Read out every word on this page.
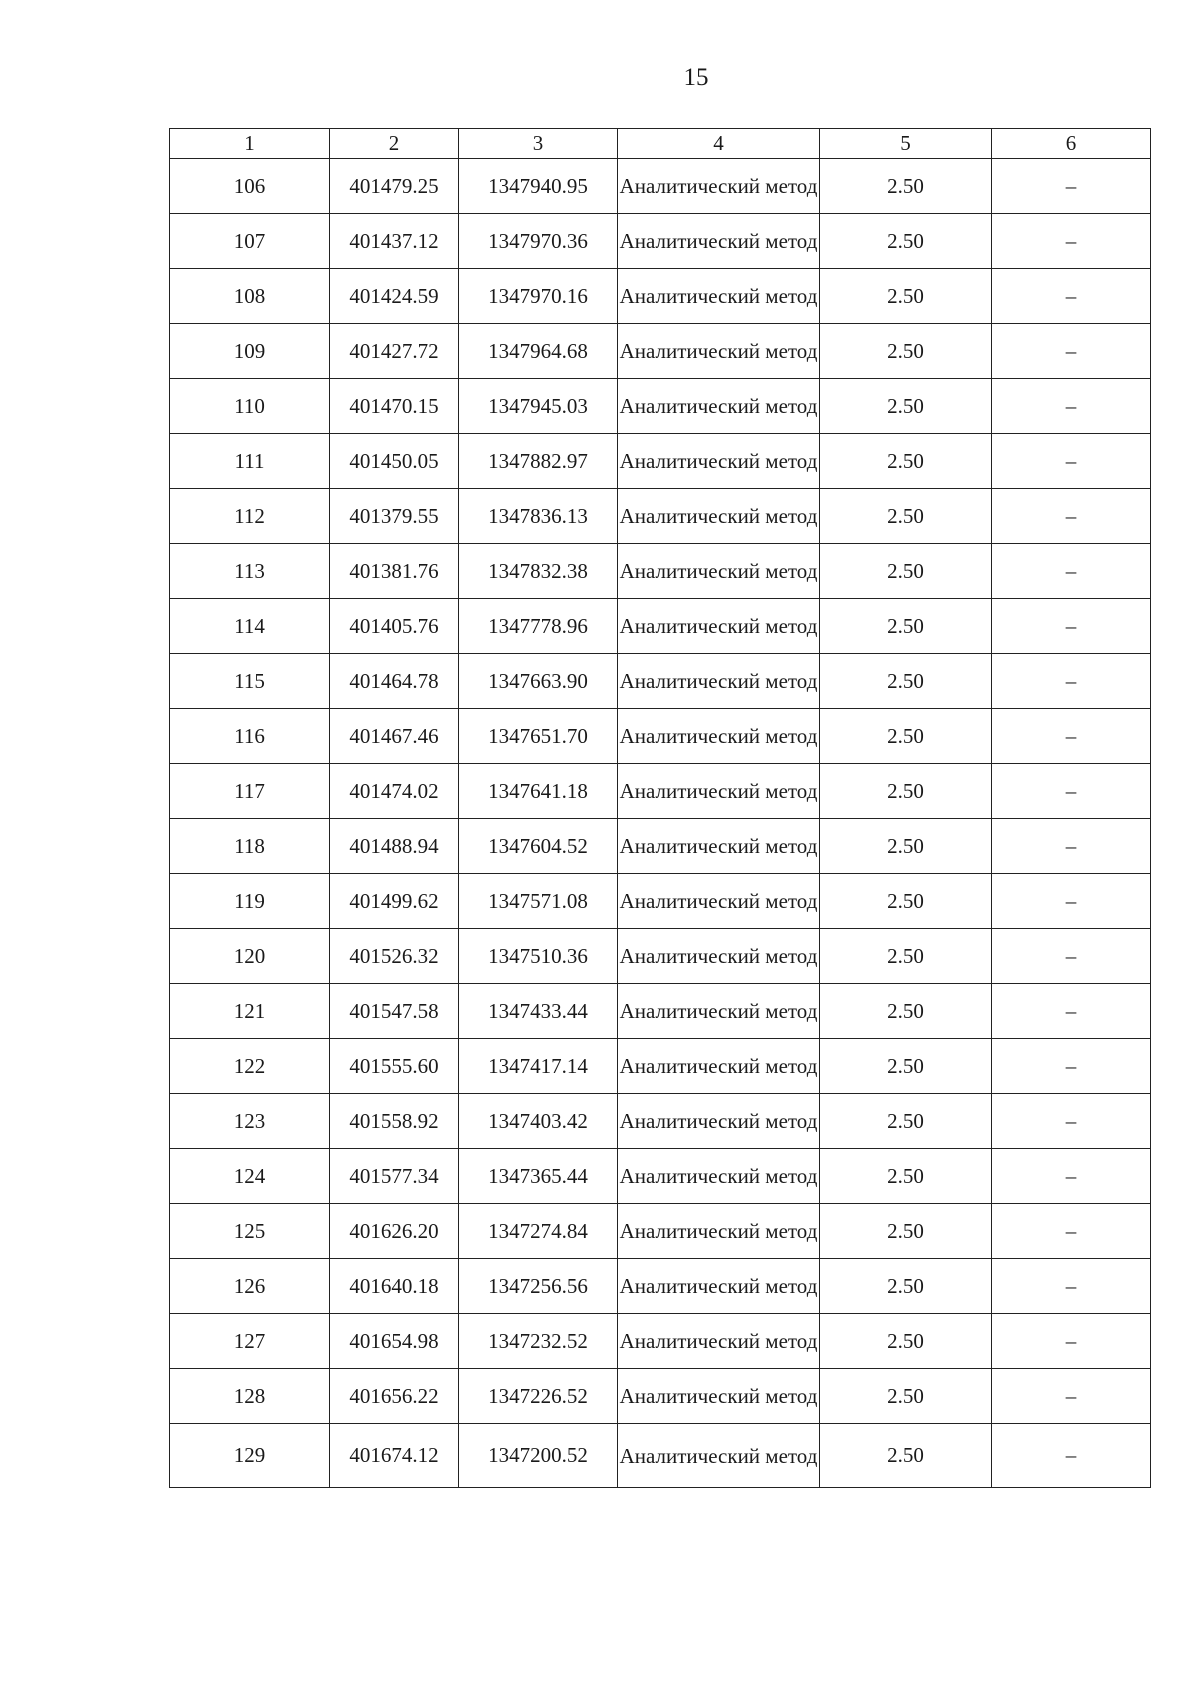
15
1	2	3	4	5	6
106	401479.25	1347940.95	Аналитический метод	2.50	–
107	401437.12	1347970.36	Аналитический метод	2.50	–
108	401424.59	1347970.16	Аналитический метод	2.50	–
109	401427.72	1347964.68	Аналитический метод	2.50	–
110	401470.15	1347945.03	Аналитический метод	2.50	–
111	401450.05	1347882.97	Аналитический метод	2.50	–
112	401379.55	1347836.13	Аналитический метод	2.50	–
113	401381.76	1347832.38	Аналитический метод	2.50	–
114	401405.76	1347778.96	Аналитический метод	2.50	–
115	401464.78	1347663.90	Аналитический метод	2.50	–
116	401467.46	1347651.70	Аналитический метод	2.50	–
117	401474.02	1347641.18	Аналитический метод	2.50	–
118	401488.94	1347604.52	Аналитический метод	2.50	–
119	401499.62	1347571.08	Аналитический метод	2.50	–
120	401526.32	1347510.36	Аналитический метод	2.50	–
121	401547.58	1347433.44	Аналитический метод	2.50	–
122	401555.60	1347417.14	Аналитический метод	2.50	–
123	401558.92	1347403.42	Аналитический метод	2.50	–
124	401577.34	1347365.44	Аналитический метод	2.50	–
125	401626.20	1347274.84	Аналитический метод	2.50	–
126	401640.18	1347256.56	Аналитический метод	2.50	–
127	401654.98	1347232.52	Аналитический метод	2.50	–
128	401656.22	1347226.52	Аналитический метод	2.50	–
129	401674.12	1347200.52	Аналитический метод	2.50	–
